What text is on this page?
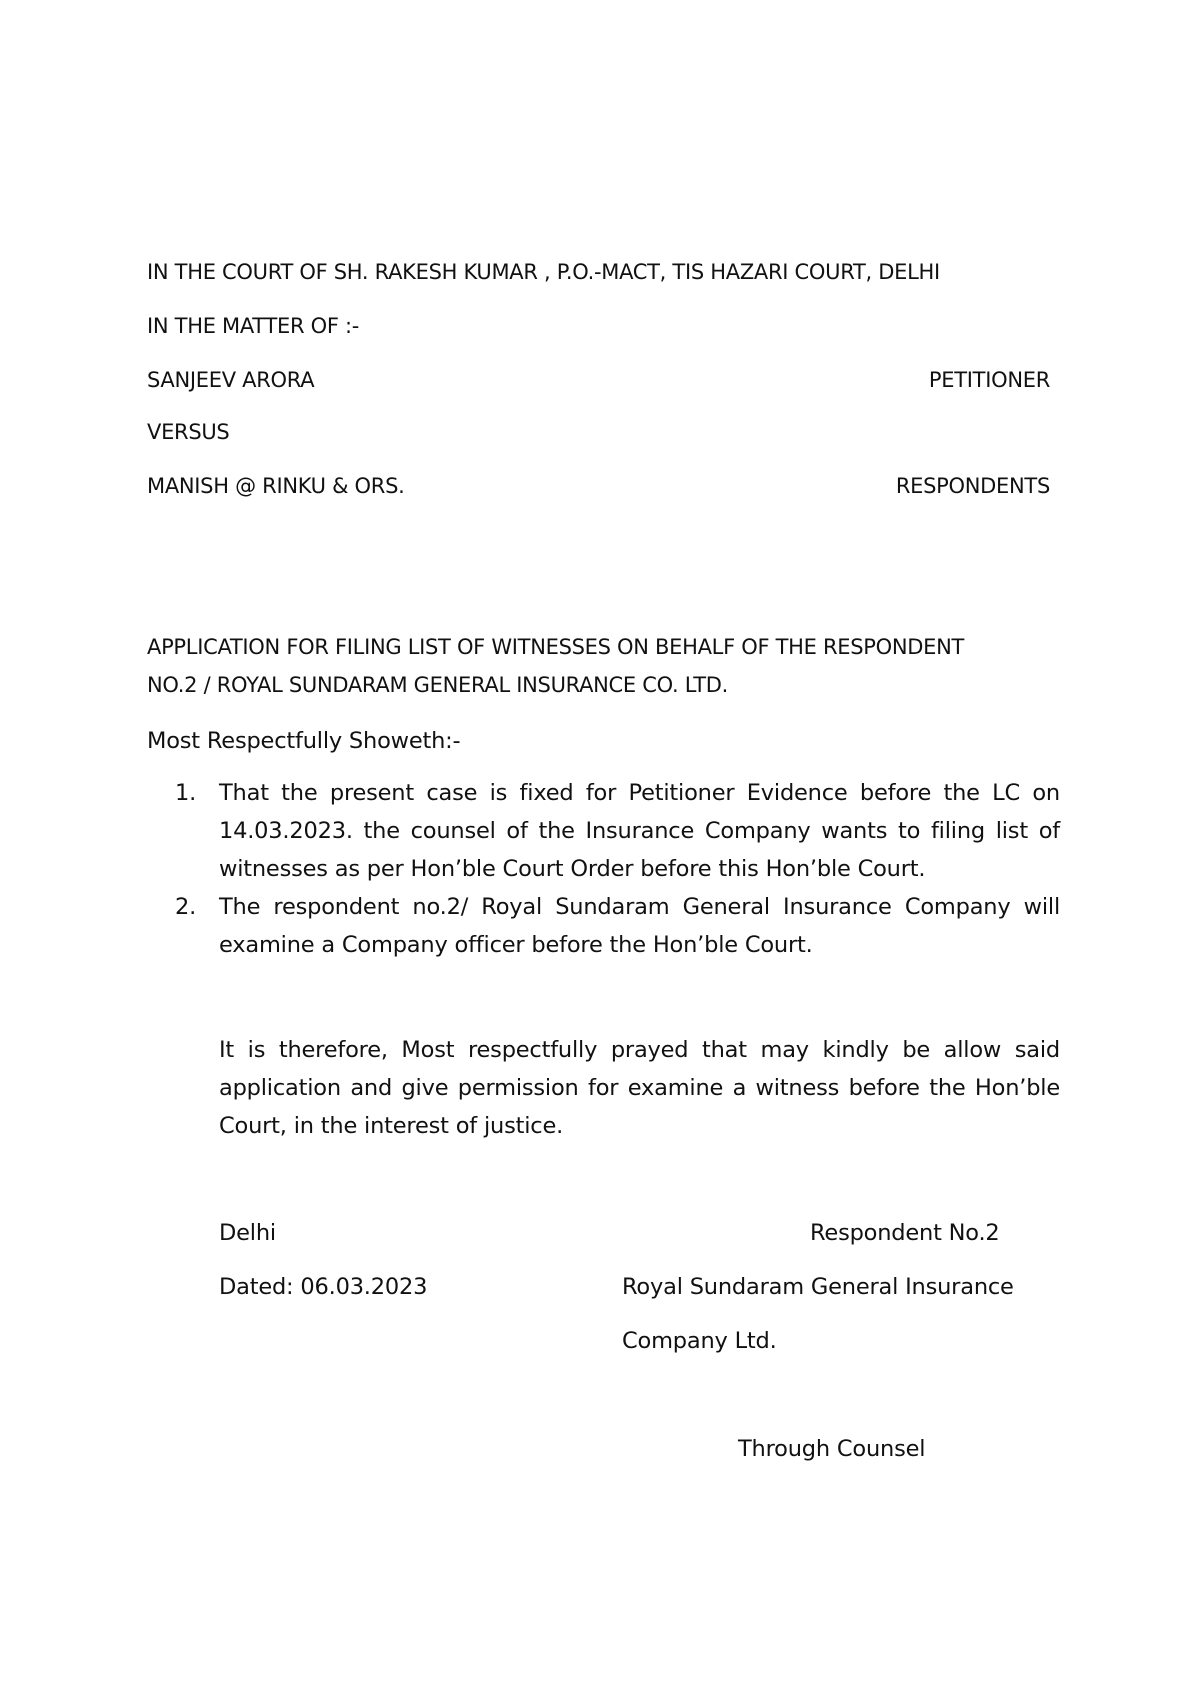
IN THE COURT OF SH. RAKESH KUMAR , P.O.-MACT, TIS HAZARI COURT, DELHI
IN THE MATTER OF :-
SANJEEV ARORA	PETITIONER
VERSUS
MANISH @ RINKU & ORS.	RESPONDENTS
APPLICATION FOR FILING LIST OF WITNESSES ON BEHALF OF THE RESPONDENT
NO.2 / ROYAL SUNDARAM GENERAL INSURANCE CO. LTD.
Most Respectfully Showeth:-
1. That the present case is fixed for Petitioner Evidence before the LC on 14.03.2023. the counsel of the Insurance Company wants to filing list of witnesses as per Hon’ble Court Order before this Hon’ble Court.
2. The respondent no.2/ Royal Sundaram General Insurance Company will examine a Company officer before the Hon’ble Court.
It is therefore, Most respectfully prayed that may kindly be allow said application and give permission for examine a witness before the Hon’ble Court, in the interest of justice.
Delhi	Respondent No.2
Dated: 06.03.2023	Royal Sundaram General Insurance
Company Ltd.
Through Counsel
